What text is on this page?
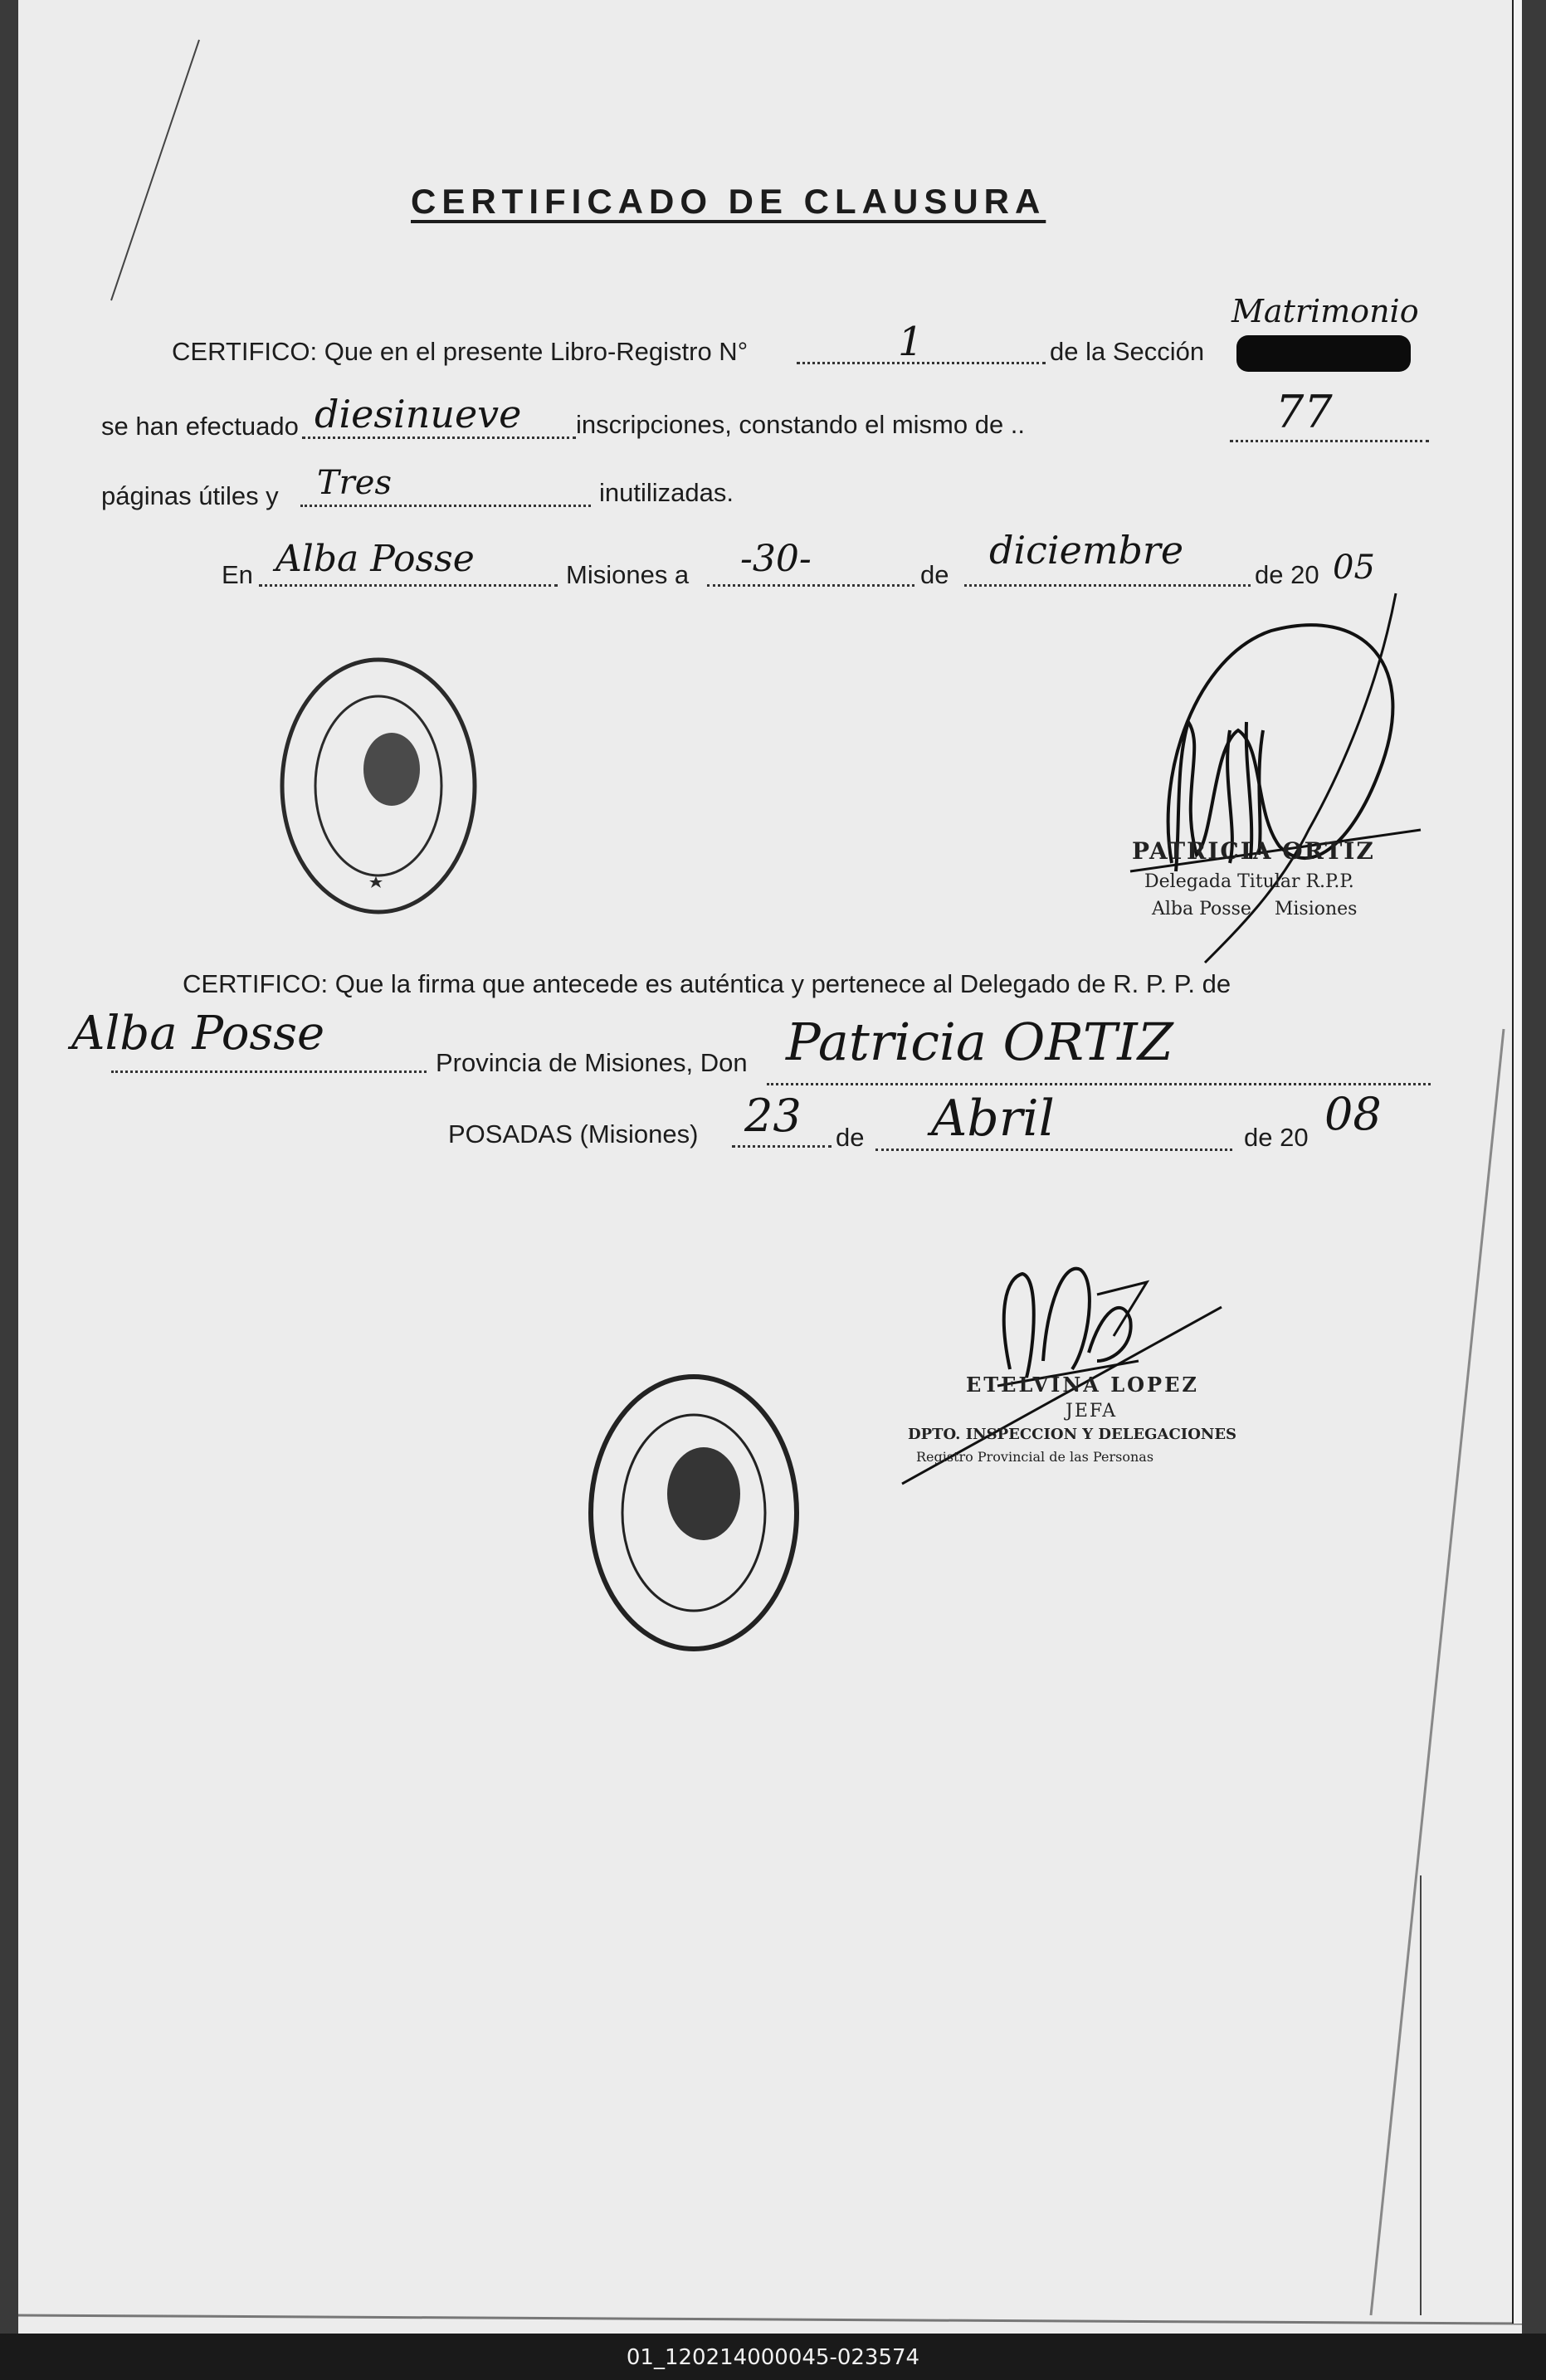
CERTIFICADO DE CLAUSURA
CERTIFICO: Que en el presente Libro-Registro N°	1	de la Sección
Matrimonio
se han efectuado diesinueve inscripciones, constando el mismo de ..	77
páginas útiles y Tres	inutilizadas.
En Alba Posse	Misiones a -30-	de
diciembre
de 20 05
CERTIFICO: Que la firma que antecede es auténtica y pertenece al Delegado de R. P. P. de
Alba Posse
Provincia de Misiones, Don Patricia ORTIZ
POSADAS (Misiones) 23 de Abril	de 20 08
PATRICIA ORTIZ
Delegada Titular R.P.P.
Alba Posse    Misiones
ETELVINA LOPEZ
JEFA
DPTO. INSPECCION Y DELEGACIONES
Registro Provincial de las Personas
01_120214000045-023574
